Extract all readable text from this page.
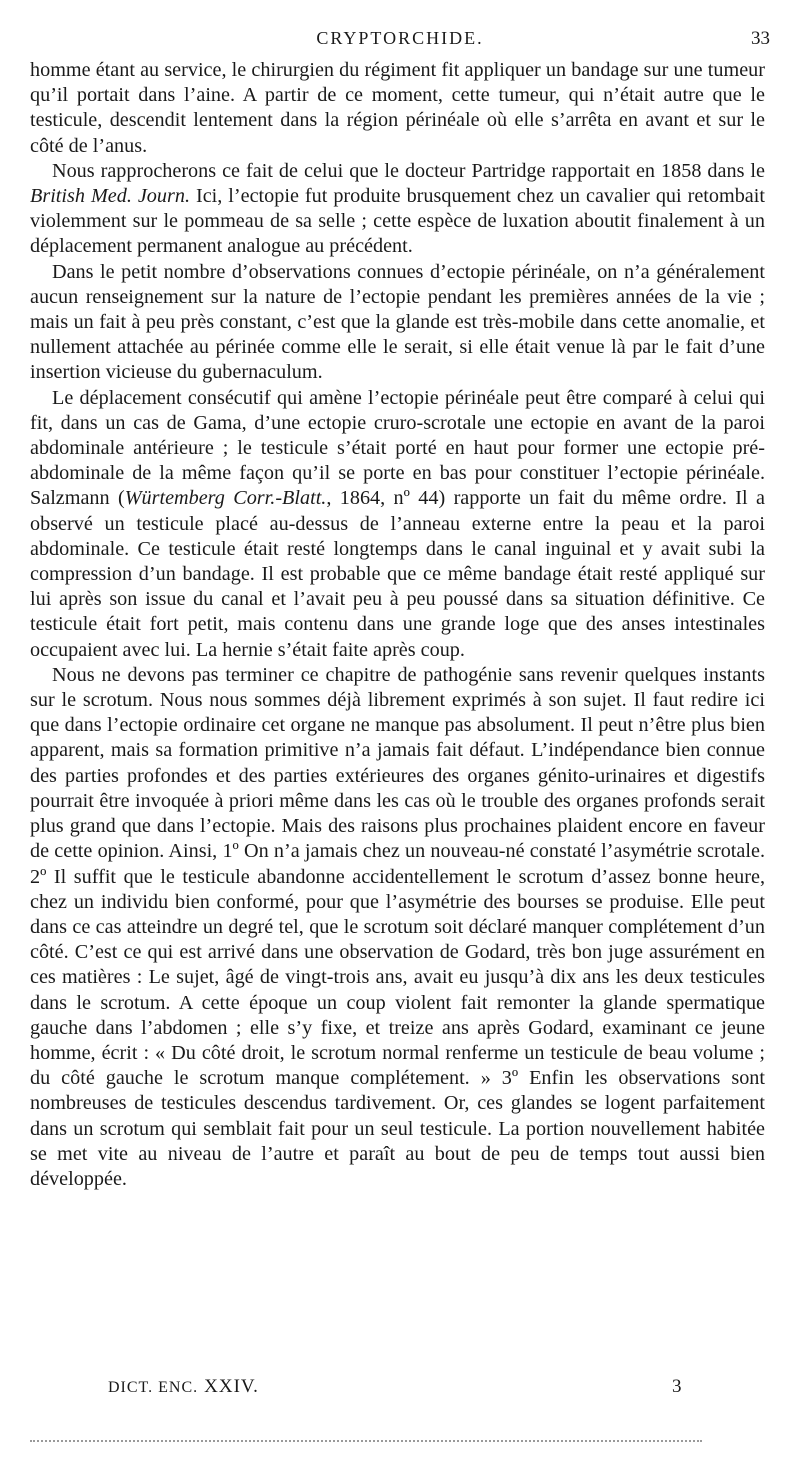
CRYPTORCHIDE.	33

homme étant au service, le chirurgien du régiment fit appliquer un bandage sur une tumeur qu’il portait dans l’aine. A partir de ce moment, cette tumeur, qui n’était autre que le testicule, descendit lentement dans la région périnéale où elle s’arrêta en avant et sur le côté de l’anus.

Nous rapprocherons ce fait de celui que le docteur Partridge rapportait en 1858 dans le British Med. Journ. Ici, l’ectopie fut produite brusquement chez un cavalier qui retombait violemment sur le pommeau de sa selle ; cette espèce de luxation aboutit finalement à un déplacement permanent analogue au précédent.

Dans le petit nombre d’observations connues d’ectopie périnéale, on n’a généralement aucun renseignement sur la nature de l’ectopie pendant les premières années de la vie ; mais un fait à peu près constant, c’est que la glande est très-mobile dans cette anomalie, et nullement attachée au périnée comme elle le serait, si elle était venue là par le fait d’une insertion vicieuse du gubernaculum.

Le déplacement consécutif qui amène l’ectopie périnéale peut être comparé à celui qui fit, dans un cas de Gama, d’une ectopie cruro-scrotale une ectopie en avant de la paroi abdominale antérieure ; le testicule s’était porté en haut pour former une ectopie pré-abdominale de la même façon qu’il se porte en bas pour constituer l’ectopie périnéale. Salzmann (Würtemberg Corr.-Blatt., 1864, nº 44) rapporte un fait du même ordre. Il a observé un testicule placé au-dessus de l’anneau externe entre la peau et la paroi abdominale. Ce testicule était resté longtemps dans le canal inguinal et y avait subi la compression d’un bandage. Il est probable que ce même bandage était resté appliqué sur lui après son issue du canal et l’avait peu à peu poussé dans sa situation définitive. Ce testicule était fort petit, mais contenu dans une grande loge que des anses intestinales occupaient avec lui. La hernie s’était faite après coup.

Nous ne devons pas terminer ce chapitre de pathogénie sans revenir quelques instants sur le scrotum. Nous nous sommes déjà librement exprimés à son sujet. Il faut redire ici que dans l’ectopie ordinaire cet organe ne manque pas absolument. Il peut n’être plus bien apparent, mais sa formation primitive n’a jamais fait défaut. L’indépendance bien connue des parties profondes et des parties extérieures des organes génito-urinaires et digestifs pourrait être invoquée à priori même dans les cas où le trouble des organes profonds serait plus grand que dans l’ectopie. Mais des raisons plus prochaines plaident encore en faveur de cette opinion. Ainsi, 1º On n’a jamais chez un nouveau-né constaté l’asymétrie scrotale. 2º Il suffit que le testicule abandonne accidentellement le scrotum d’assez bonne heure, chez un individu bien conformé, pour que l’asymétrie des bourses se produise. Elle peut dans ce cas atteindre un degré tel, que le scrotum soit déclaré manquer complétement d’un côté. C’est ce qui est arrivé dans une observation de Godard, très bon juge assurément en ces matières : Le sujet, âgé de vingt-trois ans, avait eu jusqu’à dix ans les deux testicules dans le scrotum. A cette époque un coup violent fait remonter la glande spermatique gauche dans l’abdomen ; elle s’y fixe, et treize ans après Godard, examinant ce jeune homme, écrit : « Du côté droit, le scrotum normal renferme un testicule de beau volume ; du côté gauche le scrotum manque complétement. » 3º Enfin les observations sont nombreuses de testicules descendus tardivement. Or, ces glandes se logent parfaitement dans un scrotum qui semblait fait pour un seul testicule. La portion nouvellement habitée se met vite au niveau de l’autre et paraît au bout de peu de temps tout aussi bien développée.

DICT. ENC. XXIV.	3
